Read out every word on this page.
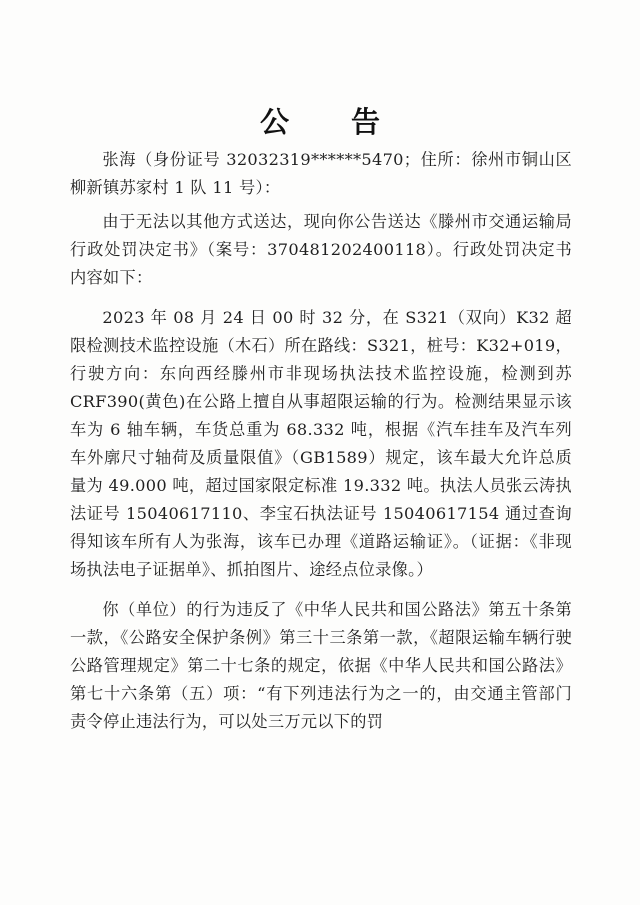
公 告

张海（身份证号 32032319******5470；住所：徐州市铜山区柳新镇苏家村 1 队 11 号）：

由于无法以其他方式送达，现向你公告送达《滕州市交通运输局行政处罚决定书》（案号：370481202400118）。行政处罚决定书内容如下：

2023 年 08 月 24 日 00 时 32 分，在 S321（双向）K32 超限检测技术监控设施（木石）所在路线：S321，桩号：K32+019，行驶方向：东向西经滕州市非现场执法技术监控设施，检测到苏 CRF390(黄色)在公路上擅自从事超限运输的行为。检测结果显示该车为 6 轴车辆，车货总重为 68.332 吨，根据《汽车挂车及汽车列车外廓尺寸轴荷及质量限值》（GB1589）规定，该车最大允许总质量为 49.000 吨，超过国家限定标准 19.332 吨。执法人员张云涛执法证号 15040617110、李宝石执法证号 15040617154 通过查询得知该车所有人为张海，该车已办理《道路运输证》。（证据：《非现场执法电子证据单》、抓拍图片、途经点位录像。）

你（单位）的行为违反了《中华人民共和国公路法》第五十条第一款，《公路安全保护条例》第三十三条第一款，《超限运输车辆行驶公路管理规定》第二十七条的规定，依据《中华人民共和国公路法》第七十六条第（五）项：“有下列违法行为之一的，由交通主管部门责令停止违法行为，可以处三万元以下的罚
